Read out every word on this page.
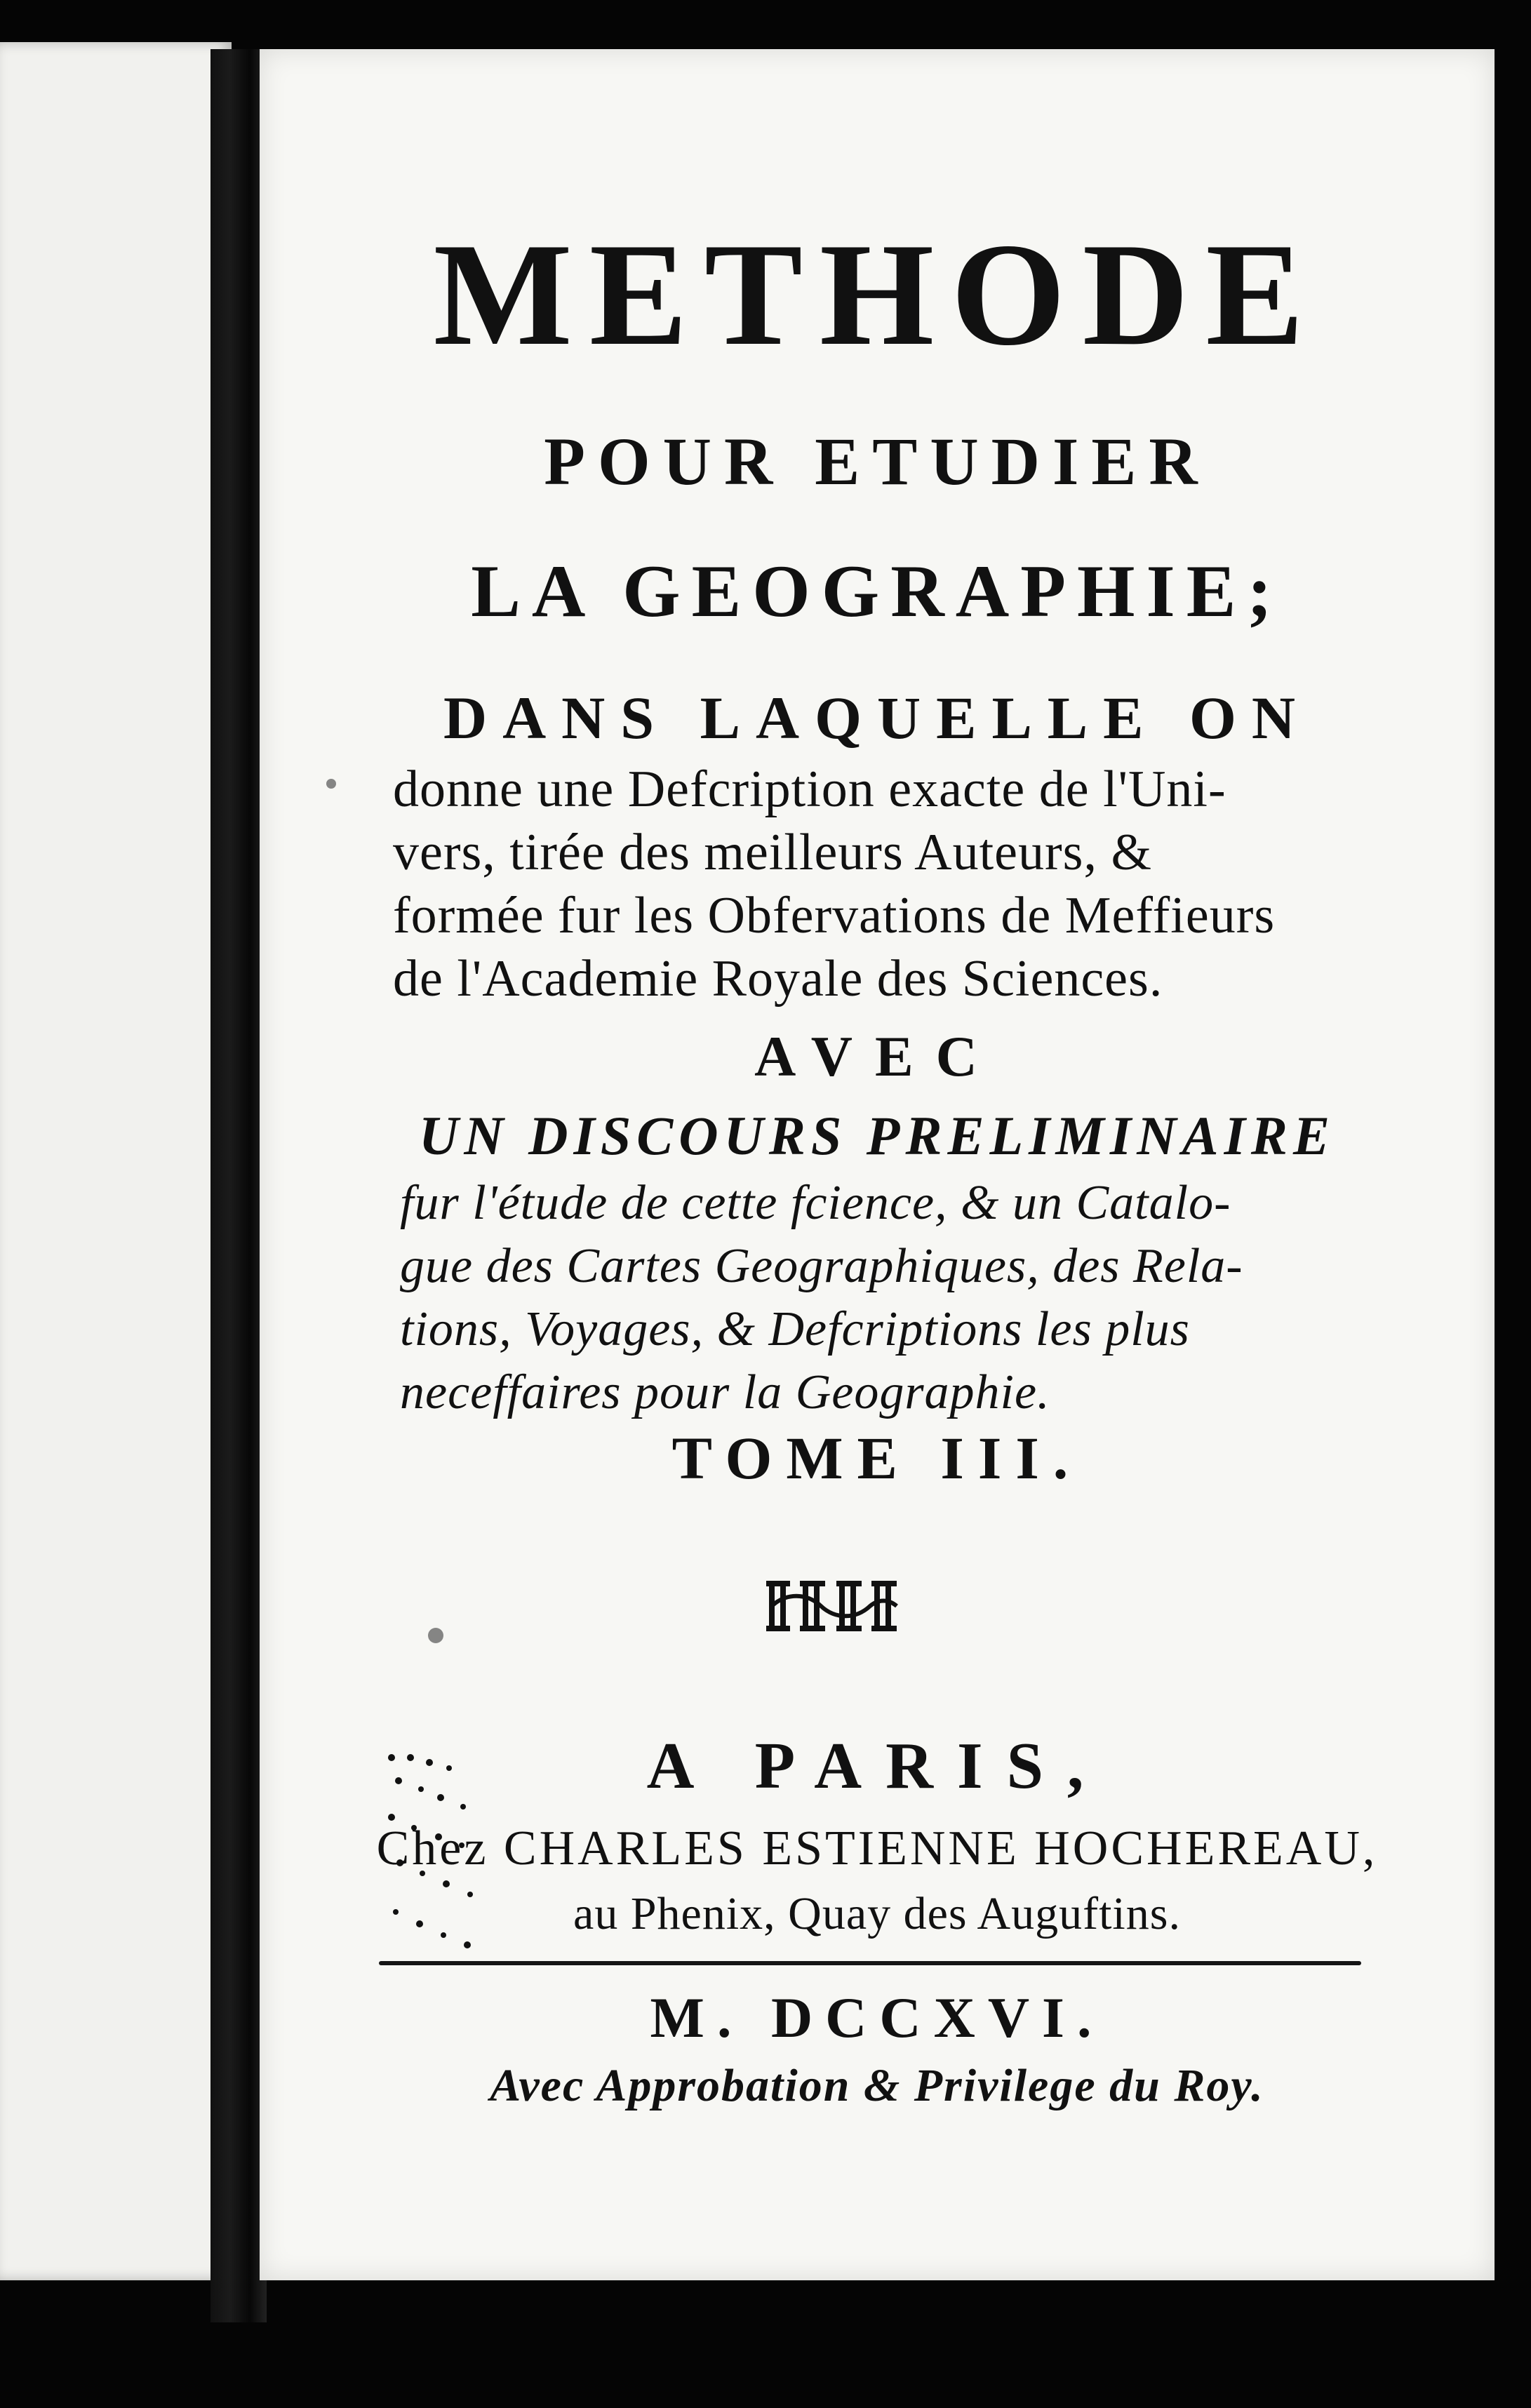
METHODE
POUR ETUDIER
LA GEOGRAPHIE;
DANS LAQUELLE ON
donne une Defcription exacte de l'Uni-
vers, tirée des meilleurs Auteurs, &
formée fur les Obfervations de Meffieurs
de l'Academie Royale des Sciences.
AVEC
UN DISCOURS PRELIMINAIRE
fur l'étude de cette fcience, & un Catalo-
gue des Cartes Geographiques, des Rela-
tions, Voyages, & Defcriptions les plus
neceffaires pour la Geographie.
TOME III.
A PARIS,
Chez CHARLES ESTIENNE HOCHEREAU,
au Phenix, Quay des Auguftins.
M. DCCXVI.
Avec Approbation & Privilege du Roy.
